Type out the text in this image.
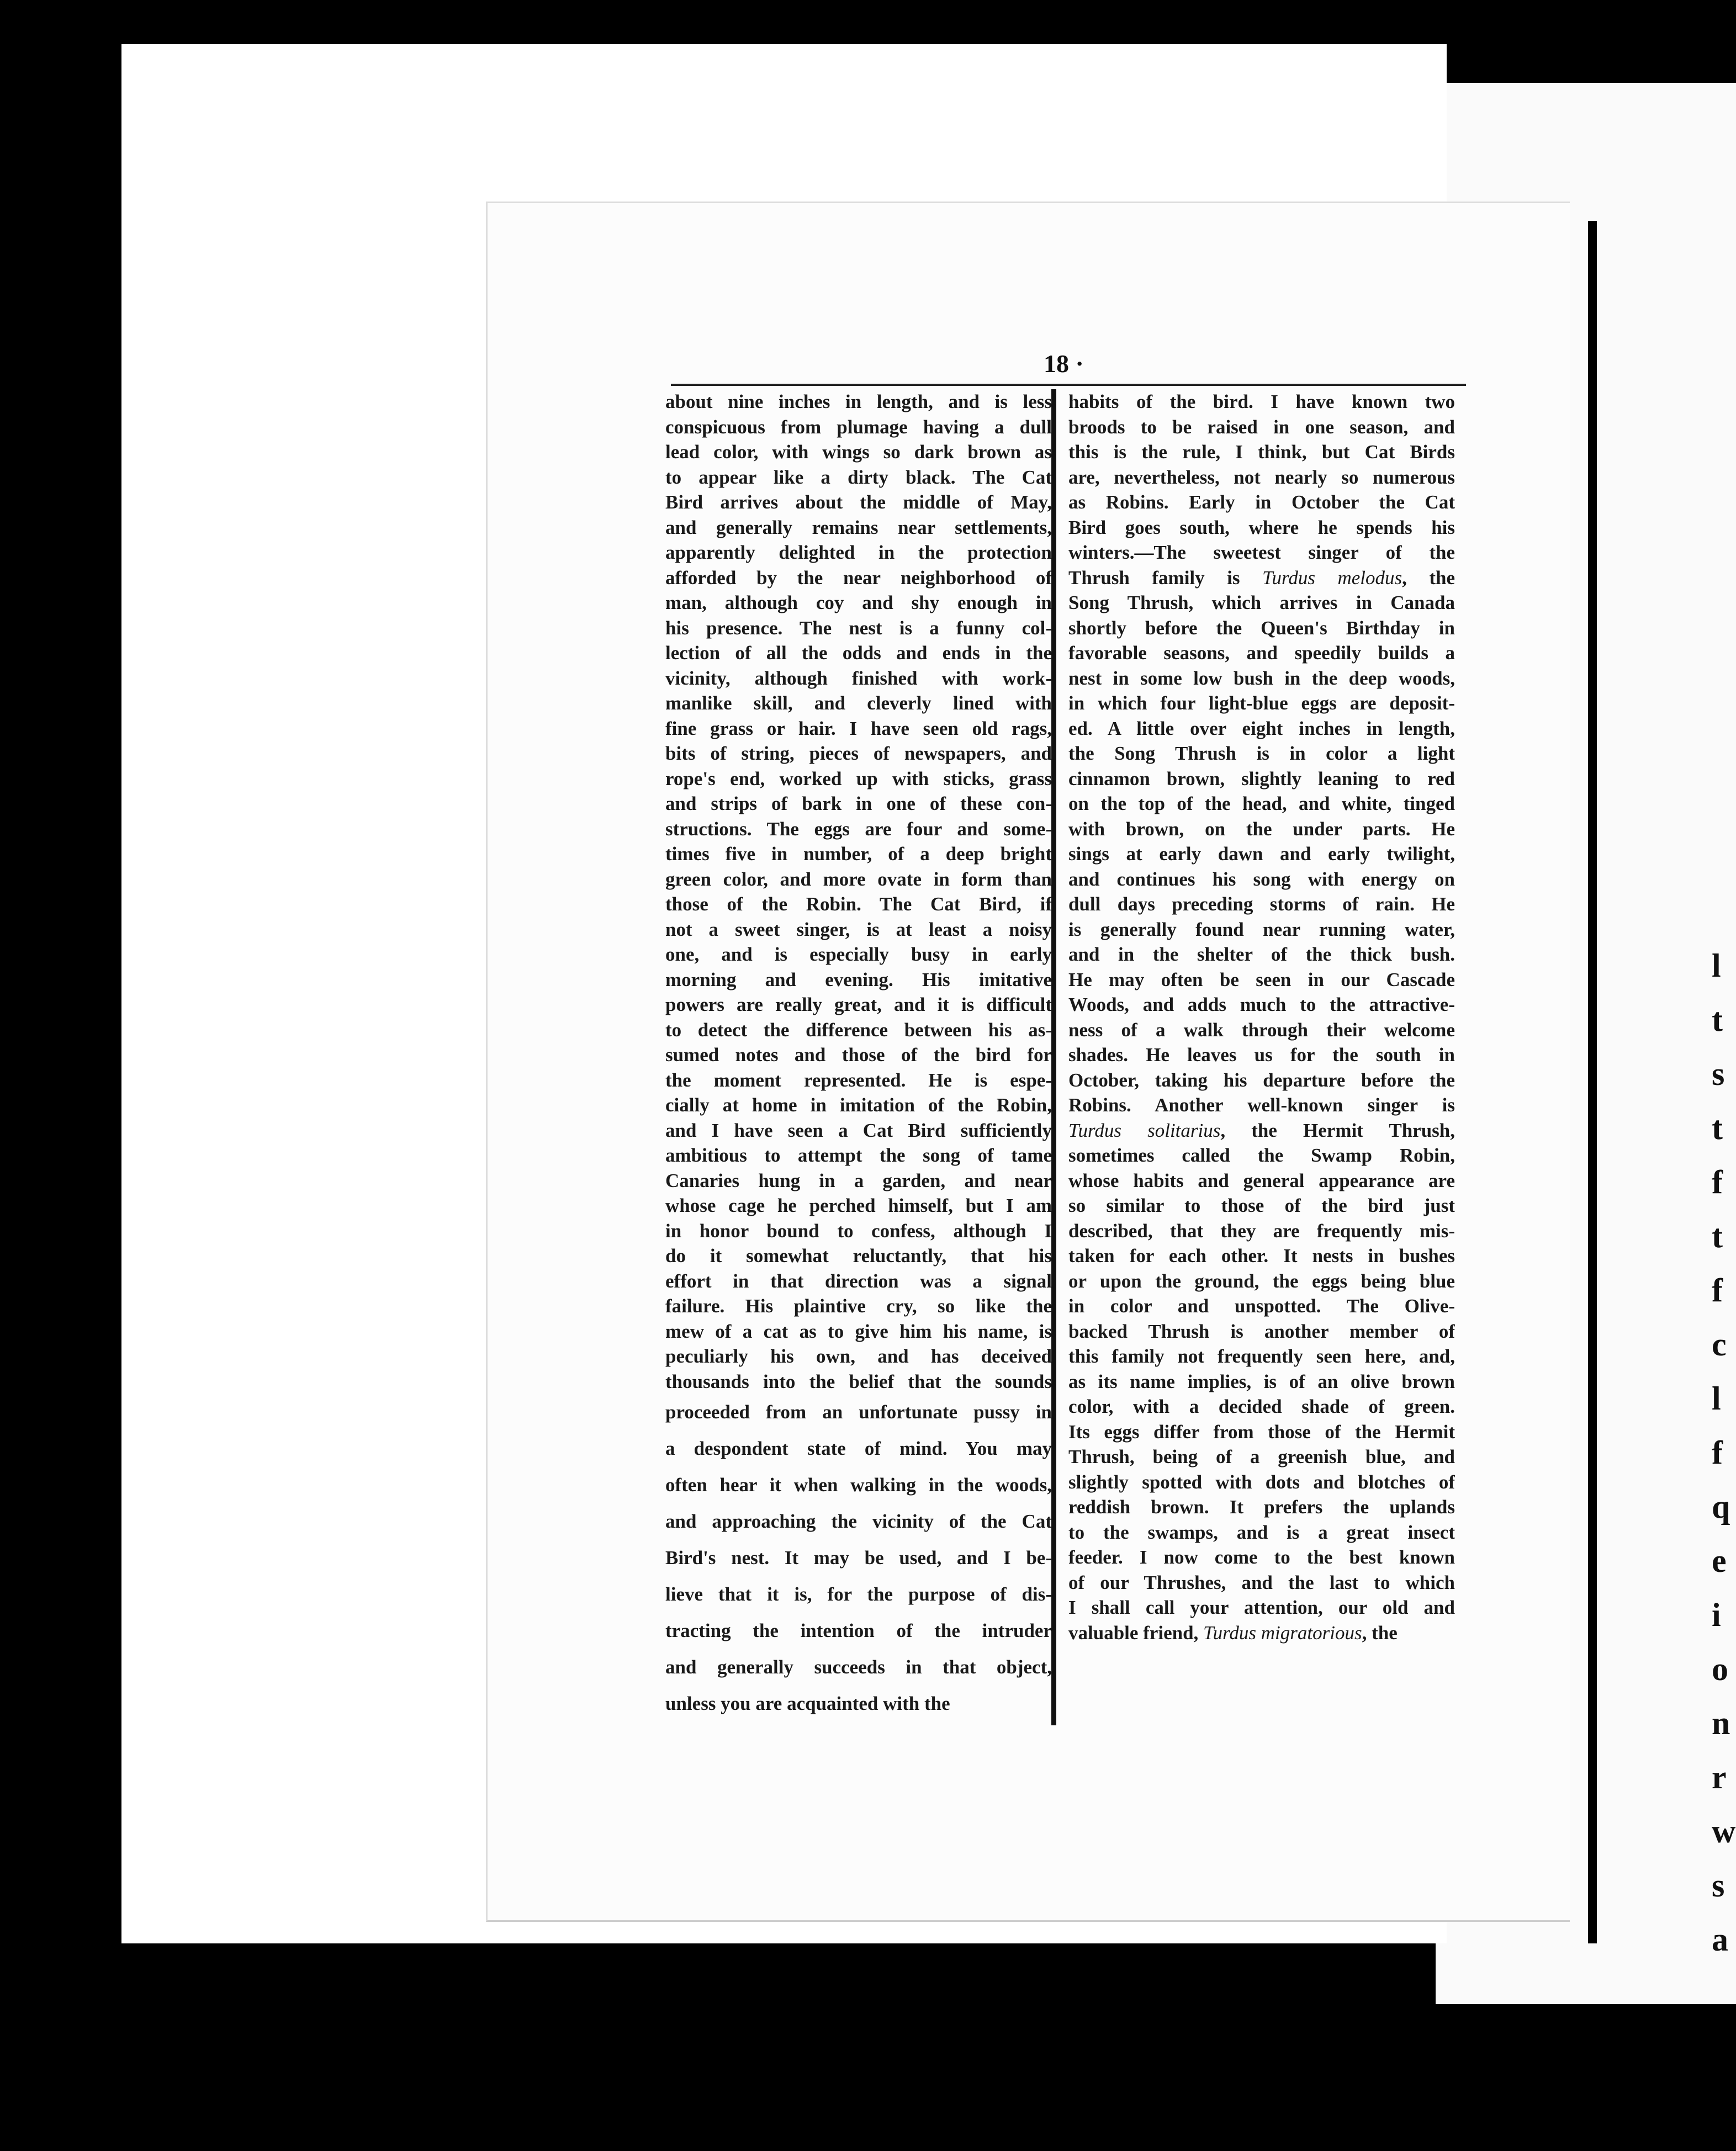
l t s t f t f c l f q e i o n r w s a
18 ·
about nine inches in length, and is less
conspicuous from plumage having a dull
lead color, with wings so dark brown as
to appear like a dirty black. The Cat
Bird arrives about the middle of May,
and generally remains near settlements,
apparently delighted in the protection
afforded by the near neighborhood of
man, although coy and shy enough in
his presence. The nest is a funny col-
lection of all the odds and ends in the
vicinity, although finished with work-
manlike skill, and cleverly lined with
fine grass or hair. I have seen old rags,
bits of string, pieces of newspapers, and
rope's end, worked up with sticks, grass
and strips of bark in one of these con-
structions. The eggs are four and some-
times five in number, of a deep bright
green color, and more ovate in form than
those of the Robin. The Cat Bird, if
not a sweet singer, is at least a noisy
one, and is especially busy in early
morning and evening. His imitative
powers are really great, and it is difficult
to detect the difference between his as-
sumed notes and those of the bird for
the moment represented. He is espe-
cially at home in imitation of the Robin,
and I have seen a Cat Bird sufficiently
ambitious to attempt the song of tame
Canaries hung in a garden, and near
whose cage he perched himself, but I am
in honor bound to confess, although I
do it somewhat reluctantly, that his
effort in that direction was a signal
failure. His plaintive cry, so like the
mew of a cat as to give him his name, is
peculiarly his own, and has deceived
thousands into the belief that the sounds
proceeded from an unfortunate pussy in
a despondent state of mind. You may
often hear it when walking in the woods,
and approaching the vicinity of the Cat
Bird's nest. It may be used, and I be-
lieve that it is, for the purpose of dis-
tracting the intention of the intruder
and generally succeeds in that object,
unless you are acquainted with the
habits of the bird. I have known two
broods to be raised in one season, and
this is the rule, I think, but Cat Birds
are, nevertheless, not nearly so numerous
as Robins. Early in October the Cat
Bird goes south, where he spends his
winters.—The sweetest singer of the
Thrush family is Turdus melodus, the
Song Thrush, which arrives in Canada
shortly before the Queen's Birthday in
favorable seasons, and speedily builds a
nest in some low bush in the deep woods,
in which four light-blue eggs are deposit-
ed. A little over eight inches in length,
the Song Thrush is in color a light
cinnamon brown, slightly leaning to red
on the top of the head, and white, tinged
with brown, on the under parts. He
sings at early dawn and early twilight,
and continues his song with energy on
dull days preceding storms of rain. He
is generally found near running water,
and in the shelter of the thick bush.
He may often be seen in our Cascade
Woods, and adds much to the attractive-
ness of a walk through their welcome
shades. He leaves us for the south in
October, taking his departure before the
Robins. Another well-known singer is
Turdus solitarius, the Hermit Thrush,
sometimes called the Swamp Robin,
whose habits and general appearance are
so similar to those of the bird just
described, that they are frequently mis-
taken for each other. It nests in bushes
or upon the ground, the eggs being blue
in color and unspotted. The Olive-
backed Thrush is another member of
this family not frequently seen here, and,
as its name implies, is of an olive brown
color, with a decided shade of green.
Its eggs differ from those of the Hermit
Thrush, being of a greenish blue, and
slightly spotted with dots and blotches of
reddish brown. It prefers the uplands
to the swamps, and is a great insect
feeder. I now come to the best known
of our Thrushes, and the last to which
I shall call your attention, our old and
valuable friend, Turdus migratorious, the
